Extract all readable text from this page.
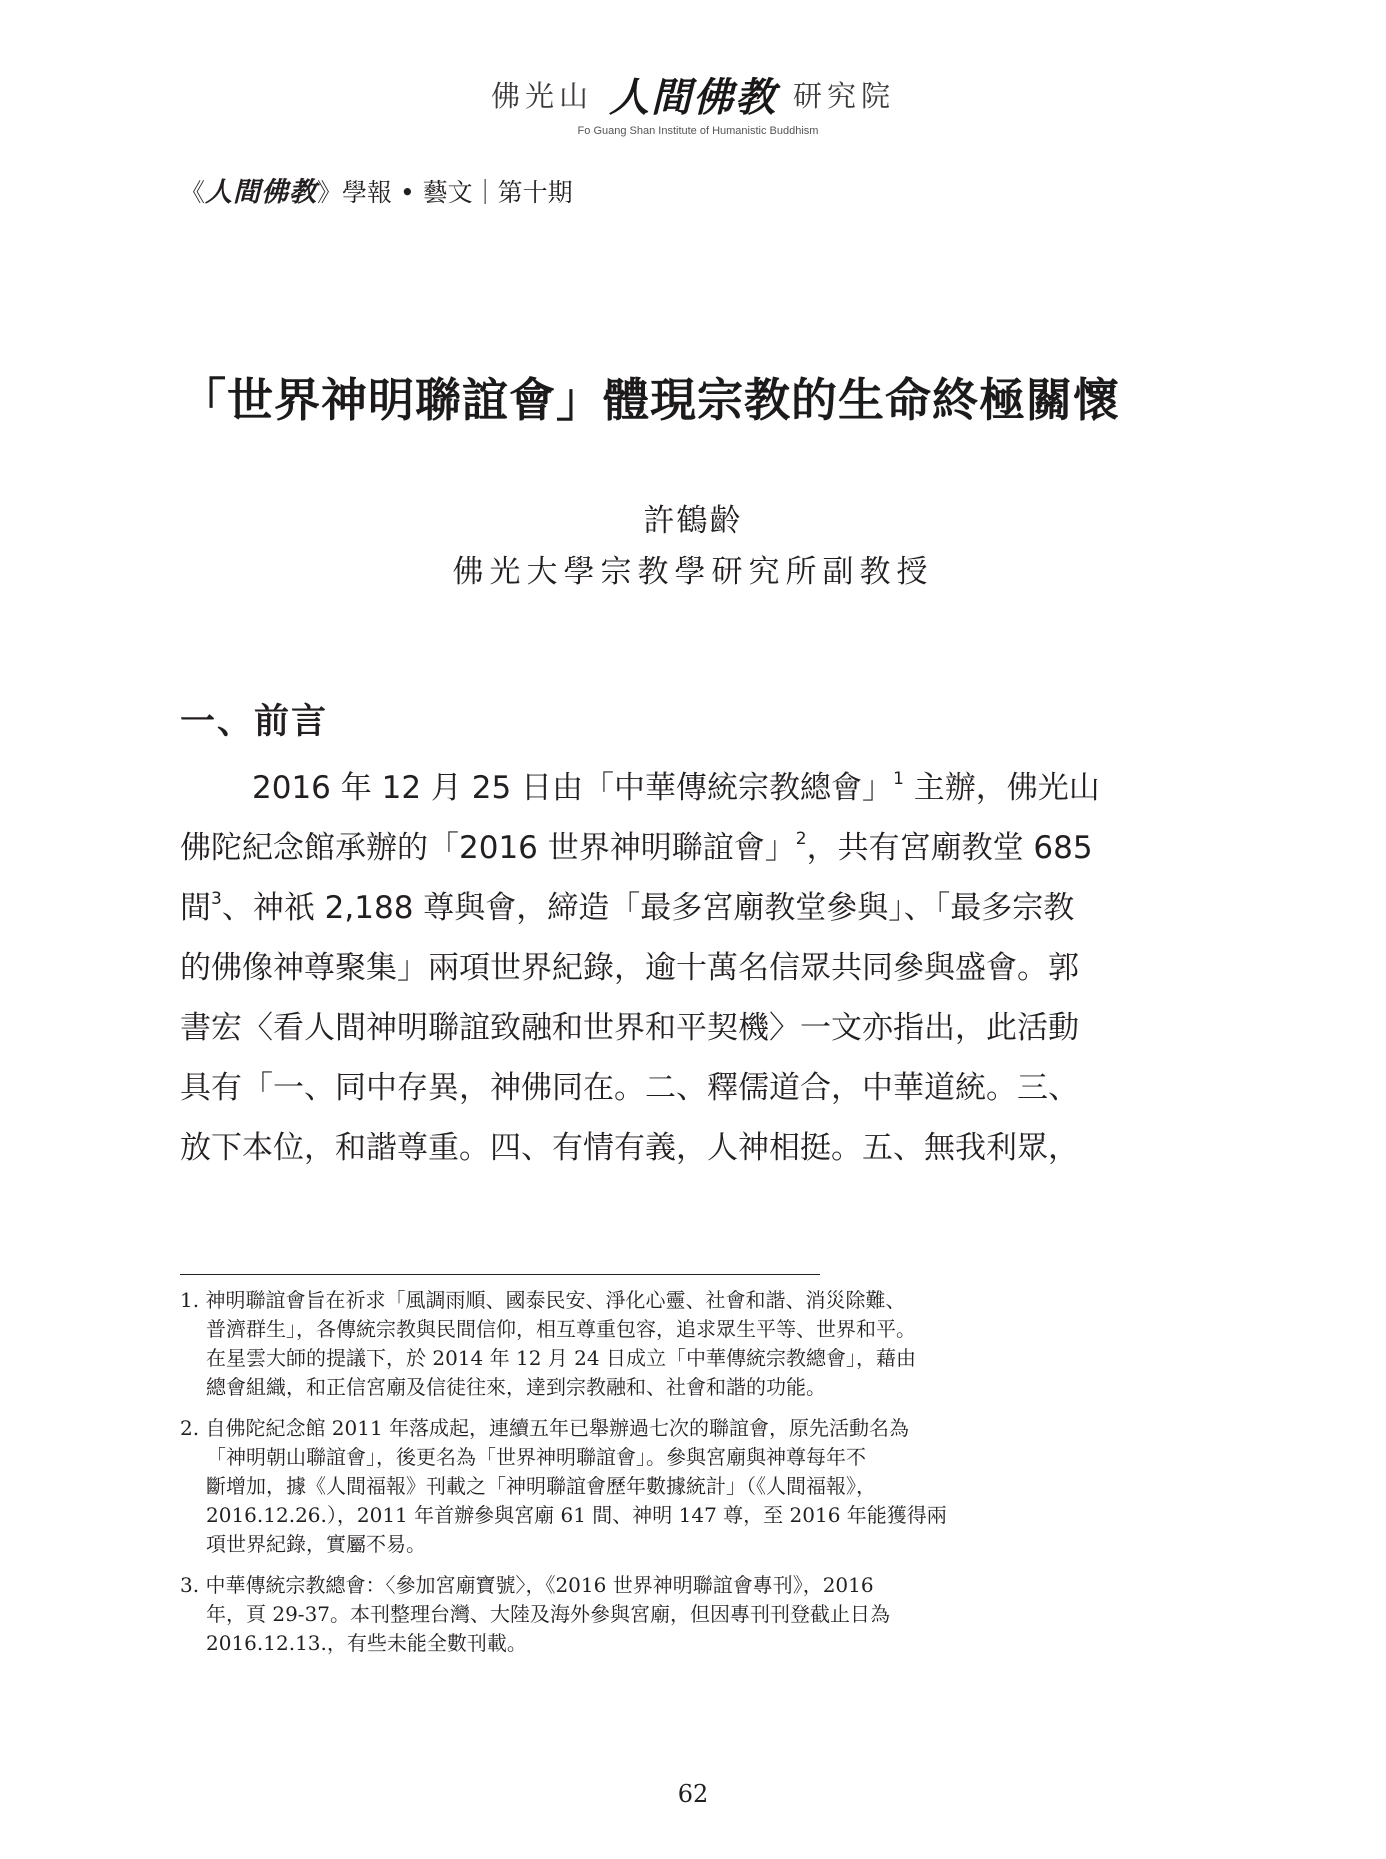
佛光山 人間佛教 研究院
Fo Guang Shan Institute of Humanistic Buddhism
《人間佛教》學報 • 藝文｜第十期
「世界神明聯誼會」體現宗教的生命終極關懷
許鶴齡
佛光大學宗教學研究所副教授
一、前言
2016 年 12 月 25 日由「中華傳統宗教總會」$^1$ 主辦，佛光山
佛陀紀念館承辦的「2016 世界神明聯誼會」$^2$，共有宮廟教堂 685
間$^3$、神祇 2,188 尊與會，締造「最多宮廟教堂參與」、「最多宗教
的佛像神尊聚集」兩項世界紀錄，逾十萬名信眾共同參與盛會。郭
書宏〈看人間神明聯誼致融和世界和平契機〉一文亦指出，此活動
具有「一、同中存異，神佛同在。二、釋儒道合，中華道統。三、
放下本位，和諧尊重。四、有情有義，人神相挺。五、無我利眾，
1. 神明聯誼會旨在祈求「風調雨順、國泰民安、淨化心靈、社會和諧、消災除難、
普濟群生」，各傳統宗教與民間信仰，相互尊重包容，追求眾生平等、世界和平。
在星雲大師的提議下，於 2014 年 12 月 24 日成立「中華傳統宗教總會」，藉由
總會組織，和正信宮廟及信徒往來，達到宗教融和、社會和諧的功能。
2. 自佛陀紀念館 2011 年落成起，連續五年已舉辦過七次的聯誼會，原先活動名為
「神明朝山聯誼會」，後更名為「世界神明聯誼會」。參與宮廟與神尊每年不
斷增加，據《人間福報》刊載之「神明聯誼會歷年數據統計」（《人間福報》，
2016.12.26.），2011 年首辦參與宮廟 61 間、神明 147 尊，至 2016 年能獲得兩
項世界紀錄，實屬不易。
3. 中華傳統宗教總會：〈參加宮廟寶號〉，《2016 世界神明聯誼會專刊》，2016
年，頁 29-37。本刊整理台灣、大陸及海外參與宮廟，但因專刊刊登截止日為
2016.12.13.，有些未能全數刊載。
62
